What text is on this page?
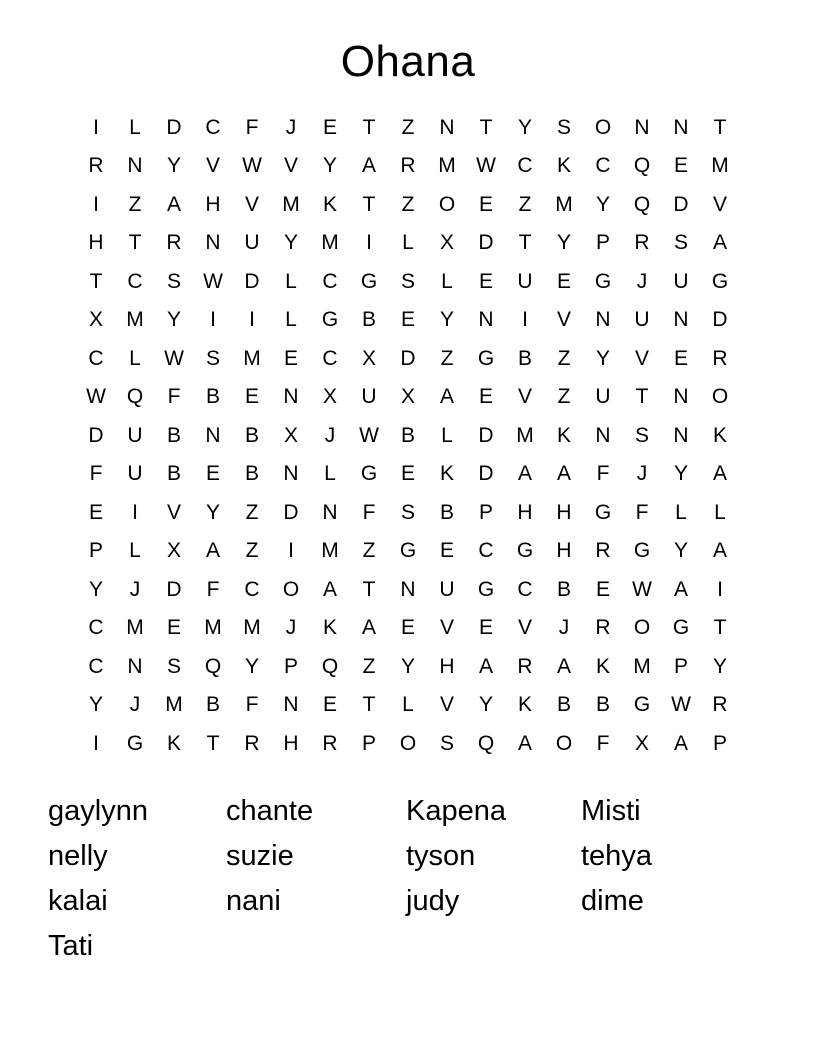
Ohana
I	L	D	C	F	J	E	T	Z	N	T	Y	S	O	N	N	T
R	N	Y	V	W	V	Y	A	R	M	W	C	K	C	Q	E	M
I	Z	A	H	V	M	K	T	Z	O	E	Z	M	Y	Q	D	V
H	T	R	N	U	Y	M	I	L	X	D	T	Y	P	R	S	A
T	C	S	W	D	L	C	G	S	L	E	U	E	G	J	U	G
X	M	Y	I	I	L	G	B	E	Y	N	I	V	N	U	N	D
C	L	W	S	M	E	C	X	D	Z	G	B	Z	Y	V	E	R
W	Q	F	B	E	N	X	U	X	A	E	V	Z	U	T	N	O
D	U	B	N	B	X	J	W	B	L	D	M	K	N	S	N	K
F	U	B	E	B	N	L	G	E	K	D	A	A	F	J	Y	A
E	I	V	Y	Z	D	N	F	S	B	P	H	H	G	F	L	L
P	L	X	A	Z	I	M	Z	G	E	C	G	H	R	G	Y	A
Y	J	D	F	C	O	A	T	N	U	G	C	B	E	W	A	I
C	M	E	M	M	J	K	A	E	V	E	V	J	R	O	G	T
C	N	S	Q	Y	P	Q	Z	Y	H	A	R	A	K	M	P	Y
Y	J	M	B	F	N	E	T	L	V	Y	K	B	B	G	W	R
I	G	K	T	R	H	R	P	O	S	Q	A	O	F	X	A	P
gaylynn
nelly
kalai
Tati
chante
suzie
nani
Kapena
tyson
judy
Misti
tehya
dime
